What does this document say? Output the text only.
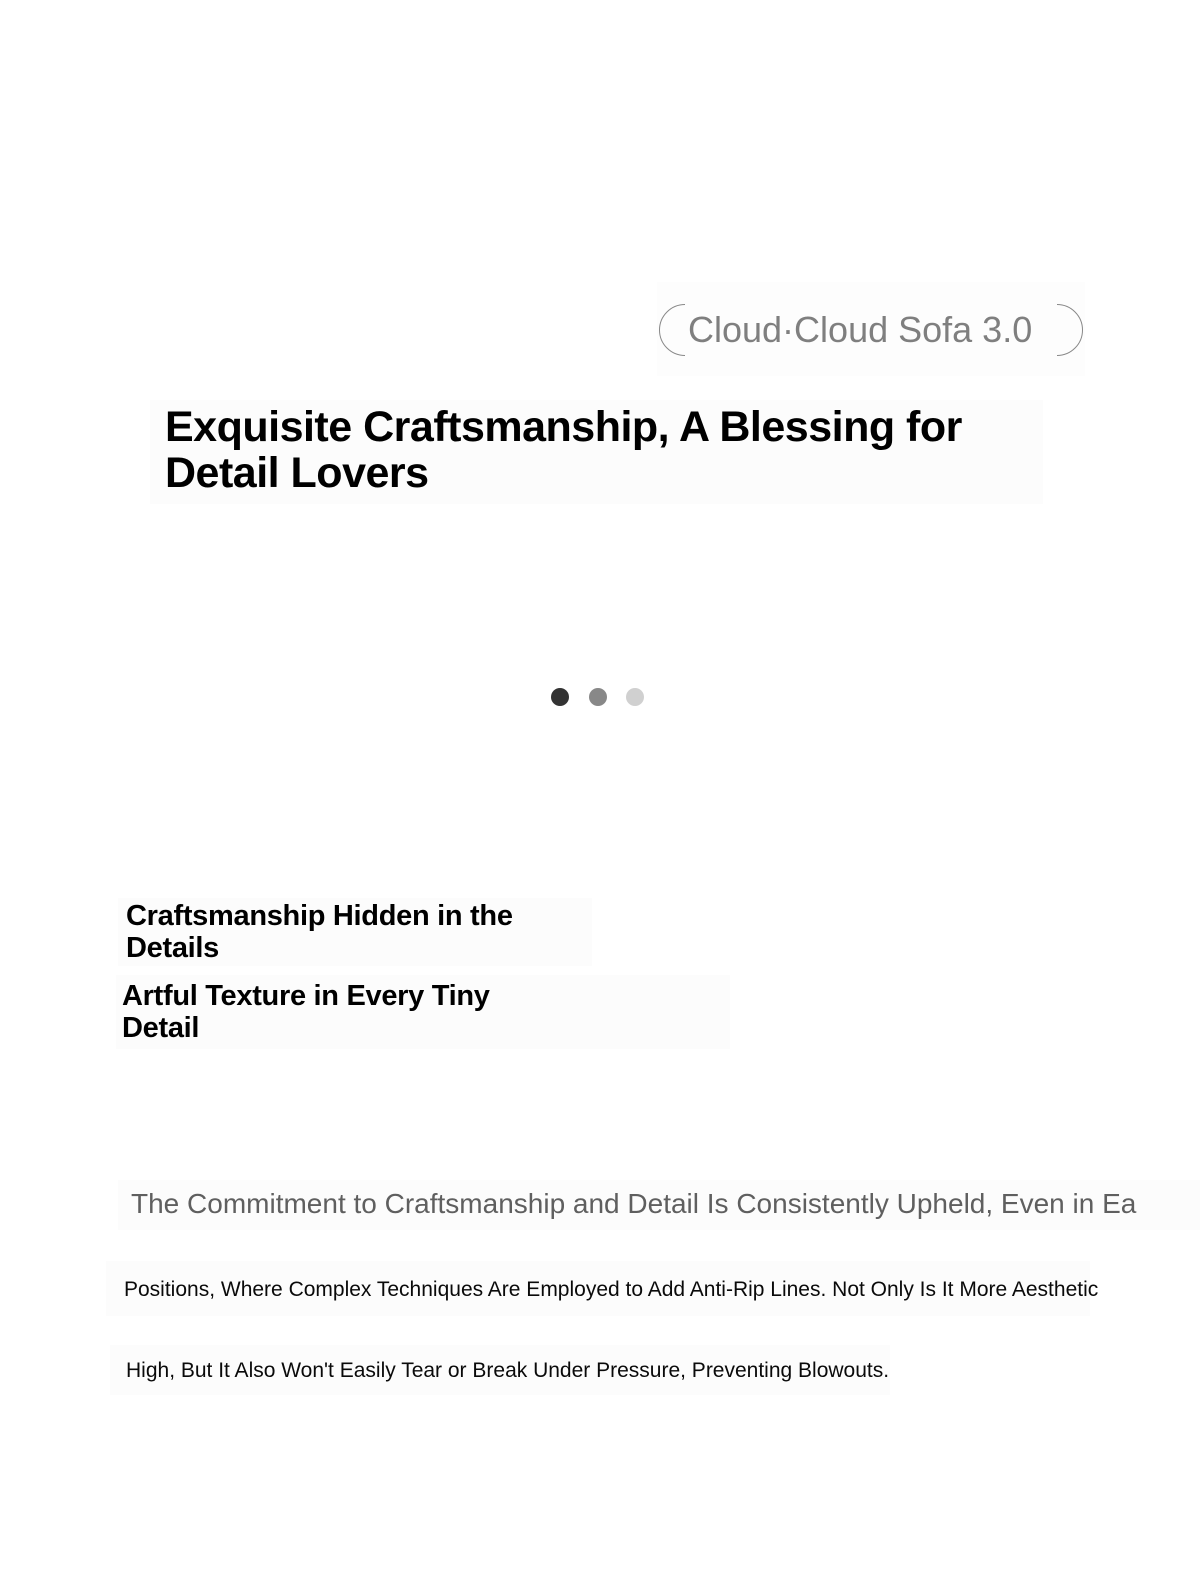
Cloud·Cloud Sofa 3.0
Exquisite Craftsmanship, A Blessing for Detail Lovers
Craftsmanship Hidden in the Details
Artful Texture in Every Tiny Detail
The Commitment to Craftsmanship and Detail Is Consistently Upheld, Even in Ea
Positions, Where Complex Techniques Are Employed to Add Anti-Rip Lines. Not Only Is It More Aesthetic
High, But It Also Won't Easily Tear or Break Under Pressure, Preventing Blowouts.
